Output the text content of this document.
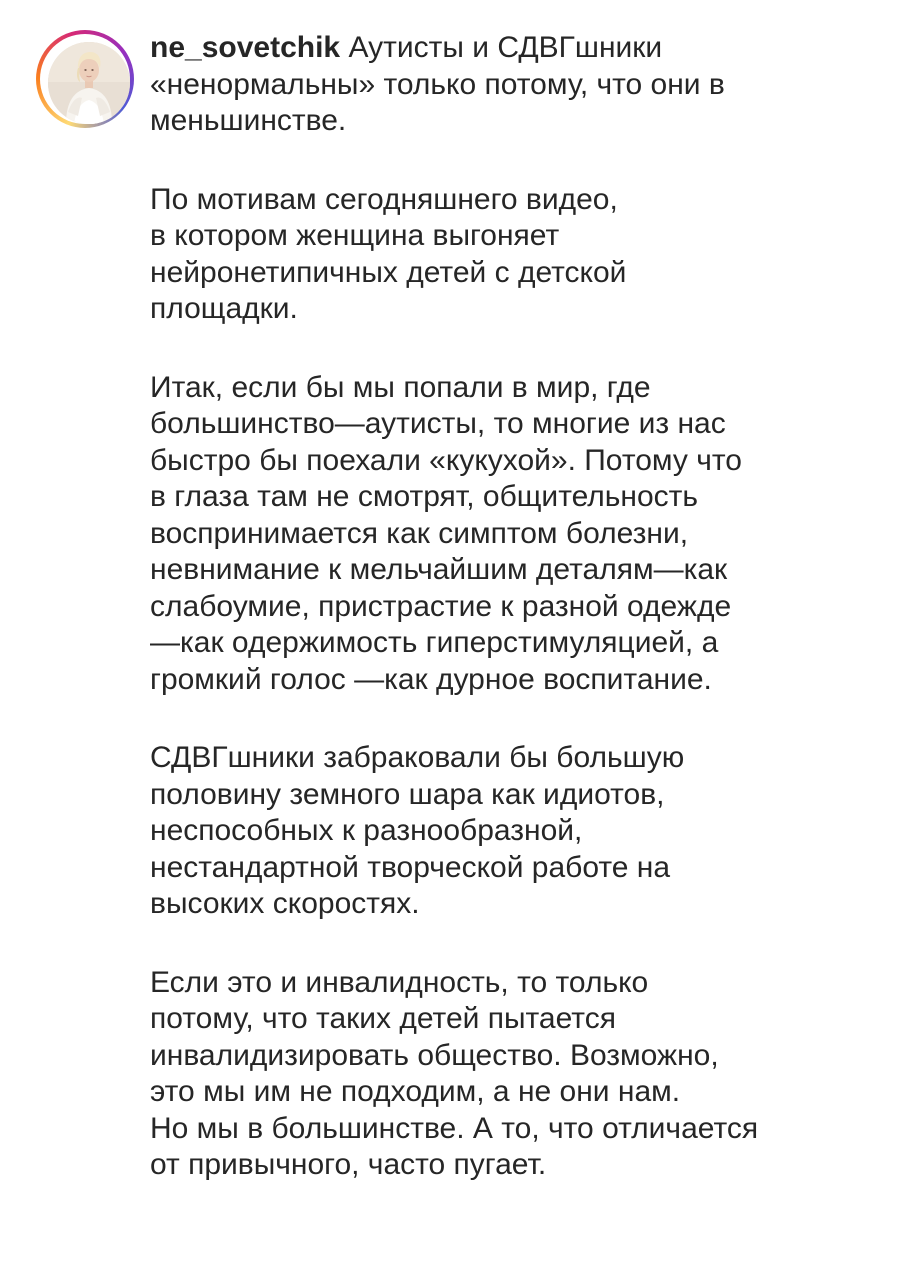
ne_sovetchik Аутисты и СДВГшники
«ненормальны» только потому, что они в
меньшинстве.

По мотивам сегодняшнего видео,
в котором женщина выгоняет
нейронетипичных детей с детской
площадки.

Итак, если бы мы попали в мир, где
большинство—аутисты, то многие из нас
быстро бы поехали «кукухой». Потому что
в глаза там не смотрят, общительность
воспринимается как симптом болезни,
невнимание к мельчайшим деталям—как
слабоумие, пристрастие к разной одежде
—как одержимость гиперстимуляцией, а
громкий голос —как дурное воспитание.

СДВГшники забраковали бы большую
половину земного шара как идиотов,
неспособных к разнообразной,
нестандартной творческой работе на
высоких скоростях.

Если это и инвалидность, то только
потому, что таких детей пытается
инвалидизировать общество. Возможно,
это мы им не подходим, а не они нам.
Но мы в большинстве. А то, что отличается
от привычного, часто пугает.
